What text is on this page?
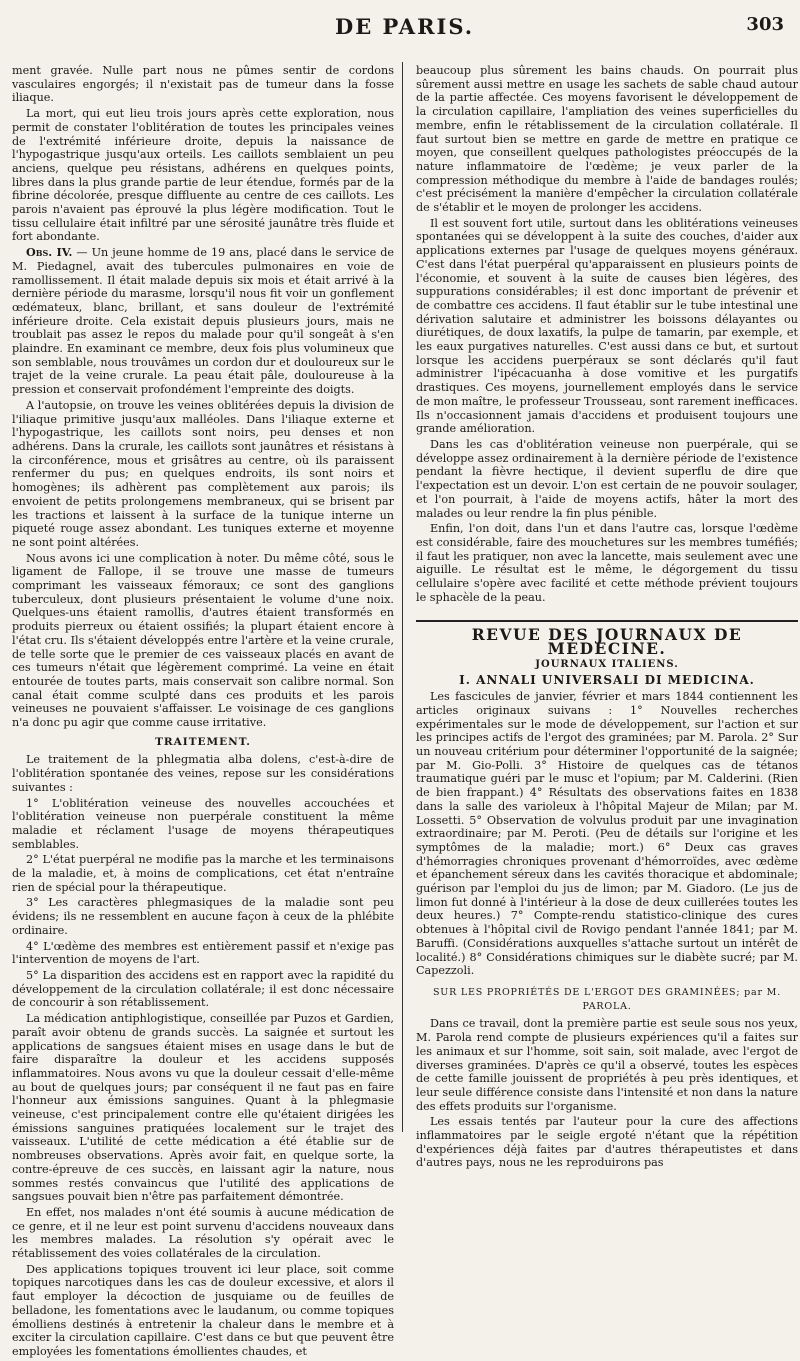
DE PARIS.	303

ment gravée. Nulle part nous ne pûmes sentir de cordons vasculaires engorgés; il n'existait pas de tumeur dans la fosse iliaque.

La mort, qui eut lieu trois jours après cette exploration, nous permit de constater l'oblitération de toutes les principales veines de l'extrémité inférieure droite, depuis la naissance de l'hypogastrique jusqu'aux orteils. Les caillots semblaient un peu anciens, quelque peu résistans, adhérens en quelques points, libres dans la plus grande partie de leur étendue, formés par de la fibrine décolorée, presque diffluente au centre de ces caillots. Les parois n'avaient pas éprouvé la plus légère modification. Tout le tissu cellulaire était infiltré par une sérosité jaunâtre très fluide et fort abondante.

Obs. IV. — Un jeune homme de 19 ans, placé dans le service de M. Piedagnel, avait des tubercules pulmonaires en voie de ramollissement. Il était malade depuis six mois et était arrivé à la dernière période du marasme, lorsqu'il nous fit voir un gonflement œdémateux, blanc, brillant, et sans douleur de l'extrémité inférieure droite. Cela existait depuis plusieurs jours, mais ne troublait pas assez le repos du malade pour qu'il songeât à s'en plaindre. En examinant ce membre, deux fois plus volumineux que son semblable, nous trouvâmes un cordon dur et douloureux sur le trajet de la veine crurale. La peau était pâle, douloureuse à la pression et conservait profondément l'empreinte des doigts.

A l'autopsie, on trouve les veines oblitérées depuis la division de l'iliaque primitive jusqu'aux malléoles. Dans l'iliaque externe et l'hypogastrique, les caillots sont noirs, peu denses et non adhérens. Dans la crurale, les caillots sont jaunâtres et résistans à la circonférence, mous et grisâtres au centre, où ils paraissent renfermer du pus; en quelques endroits, ils sont noirs et homogènes; ils adhèrent pas complètement aux parois; ils envoient de petits prolongemens membraneux, qui se brisent par les tractions et laissent à la surface de la tunique interne un piqueté rouge assez abondant. Les tuniques externe et moyenne ne sont point altérées.

Nous avons ici une complication à noter. Du même côté, sous le ligament de Fallope, il se trouve une masse de tumeurs comprimant les vaisseaux fémoraux; ce sont des ganglions tuberculeux, dont plusieurs présentaient le volume d'une noix. Quelques-uns étaient ramollis, d'autres étaient transformés en produits pierreux ou étaient ossifiés; la plupart étaient encore à l'état cru. Ils s'étaient développés entre l'artère et la veine crurale, de telle sorte que le premier de ces vaisseaux placés en avant de ces tumeurs n'était que légèrement comprimé. La veine en était entourée de toutes parts, mais conservait son calibre normal. Son canal était comme sculpté dans ces produits et les parois veineuses ne pouvaient s'affaisser. Le voisinage de ces ganglions n'a donc pu agir que comme cause irritative.

TRAITEMENT.

Le traitement de la phlegmatia alba dolens, c'est-à-dire de l'oblitération spontanée des veines, repose sur les considérations suivantes :

1° L'oblitération veineuse des nouvelles accouchées et l'oblitération veineuse non puerpérale constituent la même maladie et réclament l'usage de moyens thérapeutiques semblables.

2° L'état puerpéral ne modifie pas la marche et les terminaisons de la maladie, et, à moins de complications, cet état n'entraîne rien de spécial pour la thérapeutique.

3° Les caractères phlegmasiques de la maladie sont peu évidens; ils ne ressemblent en aucune façon à ceux de la phlébite ordinaire.

4° L'œdème des membres est entièrement passif et n'exige pas l'intervention de moyens de l'art.

5° La disparition des accidens est en rapport avec la rapidité du développement de la circulation collatérale; il est donc nécessaire de concourir à son rétablissement.

La médication antiphlogistique, conseillée par Puzos et Gardien, paraît avoir obtenu de grands succès. La saignée et surtout les applications de sangsues étaient mises en usage dans le but de faire disparaître la douleur et les accidens supposés inflammatoires. Nous avons vu que la douleur cessait d'elle-même au bout de quelques jours; par conséquent il ne faut pas en faire l'honneur aux émissions sanguines. Quant à la phlegmasie veineuse, c'est principalement contre elle qu'étaient dirigées les émissions sanguines pratiquées localement sur le trajet des vaisseaux. L'utilité de cette médication a été établie sur de nombreuses observations. Après avoir fait, en quelque sorte, la contre-épreuve de ces succès, en laissant agir la nature, nous sommes restés convaincus que l'utilité des applications de sangsues pouvait bien n'être pas parfaitement démontrée.

En effet, nos malades n'ont été soumis à aucune médication de ce genre, et il ne leur est point survenu d'accidens nouveaux dans les membres malades. La résolution s'y opérait avec le rétablissement des voies collatérales de la circulation.

Des applications topiques trouvent ici leur place, soit comme topiques narcotiques dans les cas de douleur excessive, et alors il faut employer la décoction de jusquiame ou de feuilles de belladone, les fomentations avec le laudanum, ou comme topiques émolliens destinés à entretenir la chaleur dans le membre et à exciter la circulation capillaire. C'est dans ce but que peuvent être employées les fomentations émollientes chaudes, et

beaucoup plus sûrement les bains chauds. On pourrait plus sûrement aussi mettre en usage les sachets de sable chaud autour de la partie affectée. Ces moyens favorisent le développement de la circulation capillaire, l'ampliation des veines superficielles du membre, enfin le rétablissement de la circulation collatérale. Il faut surtout bien se mettre en garde de mettre en pratique ce moyen, que conseillent quelques pathologistes préoccupés de la nature inflammatoire de l'œdème; je veux parler de la compression méthodique du membre à l'aide de bandages roulés; c'est précisément la manière d'empêcher la circulation collatérale de s'établir et le moyen de prolonger les accidens.

Il est souvent fort utile, surtout dans les oblitérations veineuses spontanées qui se développent à la suite des couches, d'aider aux applications externes par l'usage de quelques moyens généraux. C'est dans l'état puerpéral qu'apparaissent en plusieurs points de l'économie, et souvent à la suite de causes bien légères, des suppurations considérables; il est donc important de prévenir et de combattre ces accidens. Il faut établir sur le tube intestinal une dérivation salutaire et administrer les boissons délayantes ou diurétiques, de doux laxatifs, la pulpe de tamarin, par exemple, et les eaux purgatives naturelles. C'est aussi dans ce but, et surtout lorsque les accidens puerpéraux se sont déclarés qu'il faut administrer l'ipécacuanha à dose vomitive et les purgatifs drastiques. Ces moyens, journellement employés dans le service de mon maître, le professeur Trousseau, sont rarement inefficaces. Ils n'occasionnent jamais d'accidens et produisent toujours une grande amélioration.

Dans les cas d'oblitération veineuse non puerpérale, qui se développe assez ordinairement à la dernière période de l'existence pendant la fièvre hectique, il devient superflu de dire que l'expectation est un devoir. L'on est certain de ne pouvoir soulager, et l'on pourrait, à l'aide de moyens actifs, hâter la mort des malades ou leur rendre la fin plus pénible.

Enfin, l'on doit, dans l'un et dans l'autre cas, lorsque l'œdème est considérable, faire des mouchetures sur les membres tuméfiés; il faut les pratiquer, non avec la lancette, mais seulement avec une aiguille. Le résultat est le même, le dégorgement du tissu cellulaire s'opère avec facilité et cette méthode prévient toujours le sphacèle de la peau.

REVUE DES JOURNAUX DE MÉDECINE.
JOURNAUX ITALIENS.
I. ANNALI UNIVERSALI DI MEDICINA.

Les fascicules de janvier, février et mars 1844 contiennent les articles originaux suivans : 1° Nouvelles recherches expérimentales sur le mode de développement, sur l'action et sur les principes actifs de l'ergot des graminées; par M. Parola. 2° Sur un nouveau critérium pour déterminer l'opportunité de la saignée; par M. Gio-Polli. 3° Histoire de quelques cas de tétanos traumatique guéri par le musc et l'opium; par M. Calderini. (Rien de bien frappant.) 4° Résultats des observations faites en 1838 dans la salle des varioleux à l'hôpital Majeur de Milan; par M. Lossetti. 5° Observation de volvulus produit par une invagination extraordinaire; par M. Peroti. (Peu de détails sur l'origine et les symptômes de la maladie; mort.) 6° Deux cas graves d'hémorragies chroniques provenant d'hémorroïdes, avec œdème et épanchement séreux dans les cavités thoracique et abdominale; guérison par l'emploi du jus de limon; par M. Giadoro. (Le jus de limon fut donné à l'intérieur à la dose de deux cuillerées toutes les deux heures.) 7° Compte-rendu statistico-clinique des cures obtenues à l'hôpital civil de Rovigo pendant l'année 1841; par M. Baruffi. (Considérations auxquelles s'attache surtout un intérêt de localité.) 8° Considérations chimiques sur le diabète sucré; par M. Capezzoli.

SUR LES PROPRIÉTÉS DE L'ERGOT DES GRAMINÉES; par M. PAROLA.

Dans ce travail, dont la première partie est seule sous nos yeux, M. Parola rend compte de plusieurs expériences qu'il a faites sur les animaux et sur l'homme, soit sain, soit malade, avec l'ergot de diverses graminées. D'après ce qu'il a observé, toutes les espèces de cette famille jouissent de propriétés à peu près identiques, et leur seule différence consiste dans l'intensité et non dans la nature des effets produits sur l'organisme.

Les essais tentés par l'auteur pour la cure des affections inflammatoires par le seigle ergoté n'étant que la répétition d'expériences déjà faites par d'autres thérapeutistes et dans d'autres pays, nous ne les reproduirons pas
